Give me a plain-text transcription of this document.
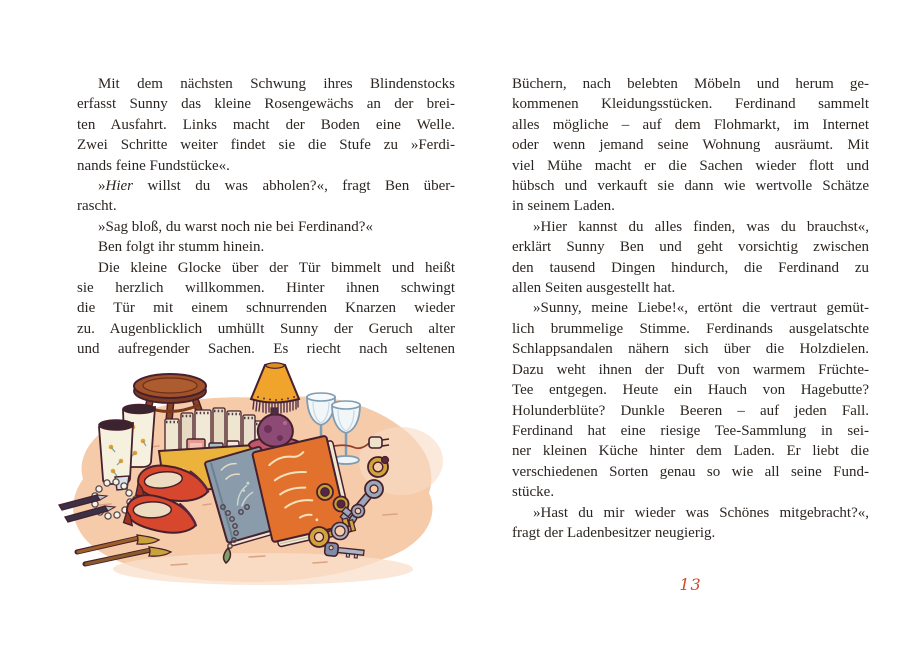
Mit dem nächsten Schwung ihres Blindenstocks
erfasst Sunny das kleine Rosengewächs an der brei-
ten Ausfahrt. Links macht der Boden eine Welle.
Zwei Schritte weiter findet sie die Stufe zu »Ferdi-
nands feine Fundstücke«.
»Hier willst du was abholen?«, fragt Ben über-
rascht.
»Sag bloß, du warst noch nie bei Ferdinand?«
Ben folgt ihr stumm hinein.
Die kleine Glocke über der Tür bimmelt und heißt
sie herzlich willkommen. Hinter ihnen schwingt
die Tür mit einem schnurrenden Knarzen wieder
zu. Augenblicklich umhüllt Sunny der Geruch alter
und aufregender Sachen. Es riecht nach seltenen
Büchern, nach belebten Möbeln und herum ge-
kommenen Kleidungsstücken. Ferdinand sammelt
alles mögliche – auf dem Flohmarkt, im Internet
oder wenn jemand seine Wohnung ausräumt. Mit
viel Mühe macht er die Sachen wieder flott und
hübsch und verkauft sie dann wie wertvolle Schätze
in seinem Laden.
»Hier kannst du alles finden, was du brauchst«,
erklärt Sunny Ben und geht vorsichtig zwischen
den tausend Dingen hindurch, die Ferdinand zu
allen Seiten ausgestellt hat.
»Sunny, meine Liebe!«, ertönt die vertraut gemüt-
lich brummelige Stimme. Ferdinands ausgelatschte
Schlappsandalen nähern sich über die Holzdielen.
Dazu weht ihnen der Duft von warmem Früchte-
Tee entgegen. Heute ein Hauch von Hagebutte?
Holunderblüte? Dunkle Beeren – auf jeden Fall.
Ferdinand hat eine riesige Tee-Sammlung in sei-
ner kleinen Küche hinter dem Laden. Er liebt die
verschiedenen Sorten genau so wie all seine Fund-
stücke.
»Hast du mir wieder was Schönes mitgebracht?«,
fragt der Ladenbesitzer neugierig.
13
